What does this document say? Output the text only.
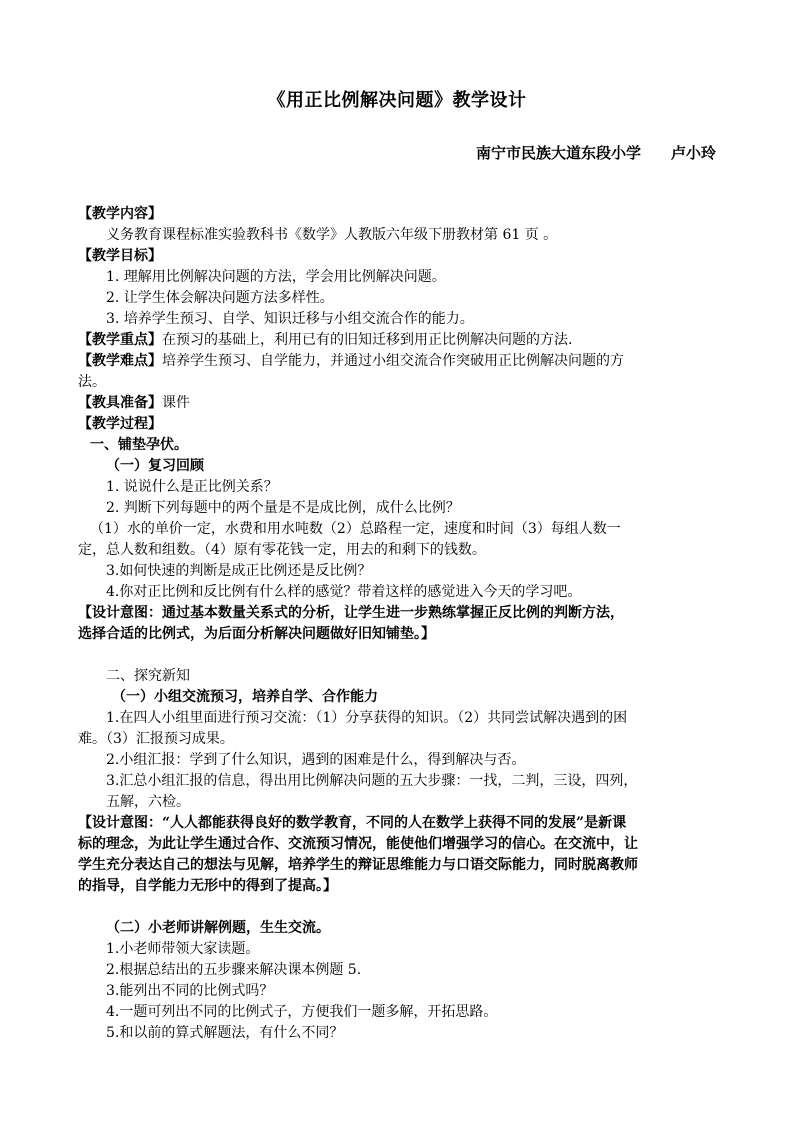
《用正比例解决问题》教学设计
南宁市民族大道东段小学　　卢小玲
【教学内容】
义务教育课程标准实验教科书《数学》人教版六年级下册教材第 61 页 。
【教学目标】
1. 理解用比例解决问题的方法，学会用比例解决问题。
2. 让学生体会解决问题方法多样性。
3. 培养学生预习、自学、知识迁移与小组交流合作的能力。
【教学重点】在预习的基础上，利用已有的旧知迁移到用正比例解决问题的方法.
【教学难点】培养学生预习、自学能力，并通过小组交流合作突破用正比例解决问题的方
法。
【教具准备】课件
【教学过程】
一、铺垫孕伏。
（一）复习回顾
1. 说说什么是正比例关系？
2. 判断下列每题中的两个量是不是成比例，成什么比例？
（1）水的单价一定，水费和用水吨数（2）总路程一定，速度和时间（3）每组人数一
定，总人数和组数。（4）原有零花钱一定，用去的和剩下的钱数。
3.如何快速的判断是成正比例还是反比例？
4.你对正比例和反比例有什么样的感觉？带着这样的感觉进入今天的学习吧。
【设计意图：通过基本数量关系式的分析，让学生进一步熟练掌握正反比例的判断方法，
选择合适的比例式，为后面分析解决问题做好旧知铺垫。】
二、探究新知
（一）小组交流预习，培养自学、合作能力
1.在四人小组里面进行预习交流：（1）分享获得的知识。（2）共同尝试解决遇到的困
难。（3）汇报预习成果。
2.小组汇报：学到了什么知识，遇到的困难是什么，得到解决与否。
3.汇总小组汇报的信息，得出用比例解决问题的五大步骤：一找，二判，三设，四列，
五解，六检。
【设计意图：“人人都能获得良好的数学教育，不同的人在数学上获得不同的发展”是新课
标的理念，为此让学生通过合作、交流预习情况，能使他们增强学习的信心。在交流中，让
学生充分表达自己的想法与见解，培养学生的辩证思维能力与口语交际能力，同时脱离教师
的指导，自学能力无形中的得到了提高。】
（二）小老师讲解例题，生生交流。
1.小老师带领大家读题。
2.根据总结出的五步骤来解决课本例题 5.
3.能列出不同的比例式吗？
4.一题可列出不同的比例式子，方便我们一题多解，开拓思路。
5.和以前的算式解题法，有什么不同？
